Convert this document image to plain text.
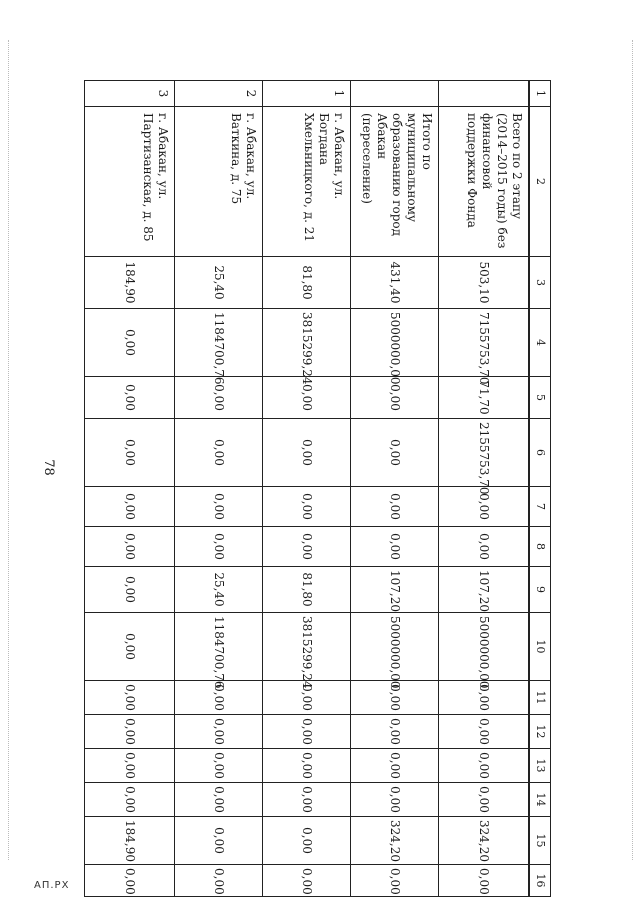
78
1	2	3	4	5	6	7	8	9	10	11	12	13	14	15	16
	Всего по 2 этапу (2014–2015 годы) без финансовой поддержки Фонда	503,10	7155753,70	71,70	2155753,70	0,00	0,00	107,20	5000000,00	0,00	0,00	0,00	0,00	324,20	0,00
	Итого по муниципальному образованию город Абакан (переселение)	431,40	5000000,00	0,00	0,00	0,00	0,00	107,20	5000000,00	0,00	0,00	0,00	0,00	324,20	0,00
1	г. Абакан, ул. Богдана Хмельницкого, д. 21	81,80	3815299,24	0,00	0,00	0,00	0,00	81,80	3815299,24	0,00	0,00	0,00	0,00	0,00	0,00
2	г. Абакан, ул. Ваткина, д. 75	25,40	1184700,76	0,00	0,00	0,00	0,00	25,40	1184700,76	0,00	0,00	0,00	0,00	0,00	0,00
3	г. Абакан, ул. Партизанская, д. 85	184,90	0,00	0,00	0,00	0,00	0,00	0,00	0,00	0,00	0,00	0,00	0,00	184,90	0,00
АП.РХ
